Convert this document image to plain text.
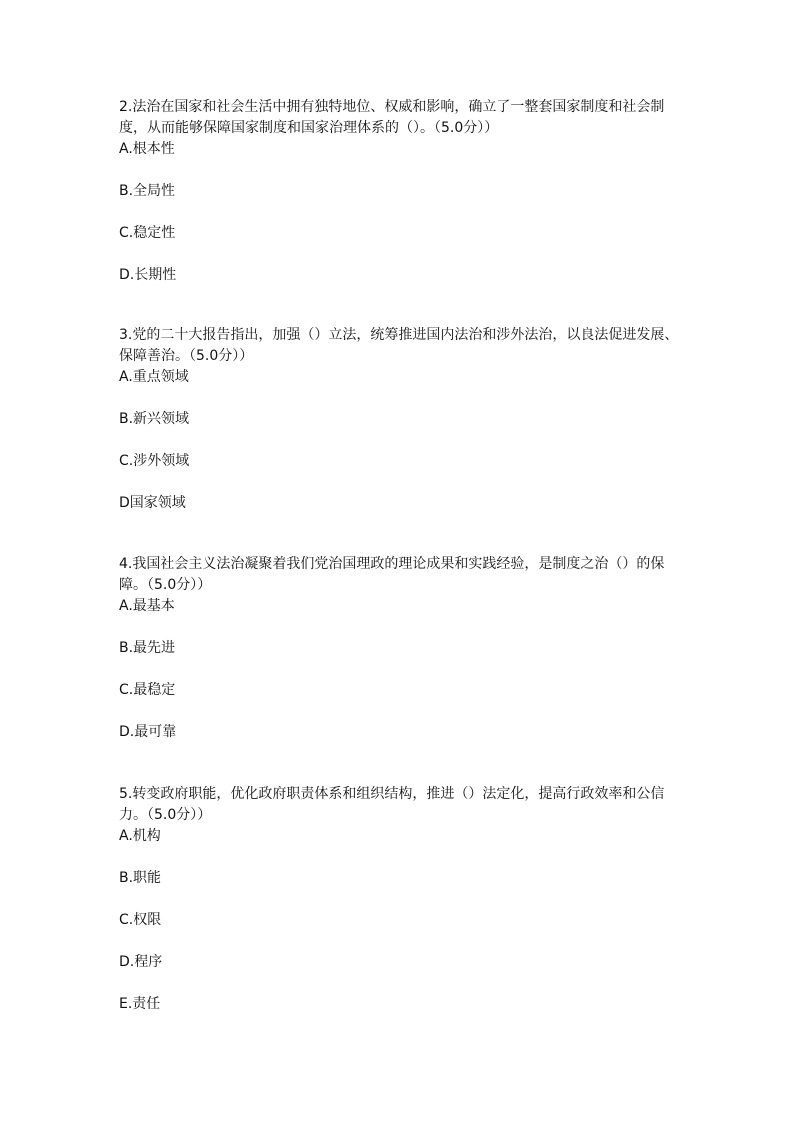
2.法治在国家和社会生活中拥有独特地位、权威和影响，确立了一整套国家制度和社会制度，从而能够保障国家制度和国家治理体系的（）。（5.0分））

A.根本性

B.全局性

C.稳定性

D.长期性

3.党的二十大报告指出，加强（）立法，统筹推进国内法治和涉外法治，以良法促进发展、保障善治。（5.0分））

A.重点领域

B.新兴领域

C.涉外领域

D国家领域

4.我国社会主义法治凝聚着我们党治国理政的理论成果和实践经验，是制度之治（）的保障。（5.0分））

A.最基本

B.最先进

C.最稳定

D.最可靠

5.转变政府职能，优化政府职责体系和组织结构，推进（）法定化，提高行政效率和公信力。（5.0分））

A.机构

B.职能

C.权限

D.程序

E.责任
